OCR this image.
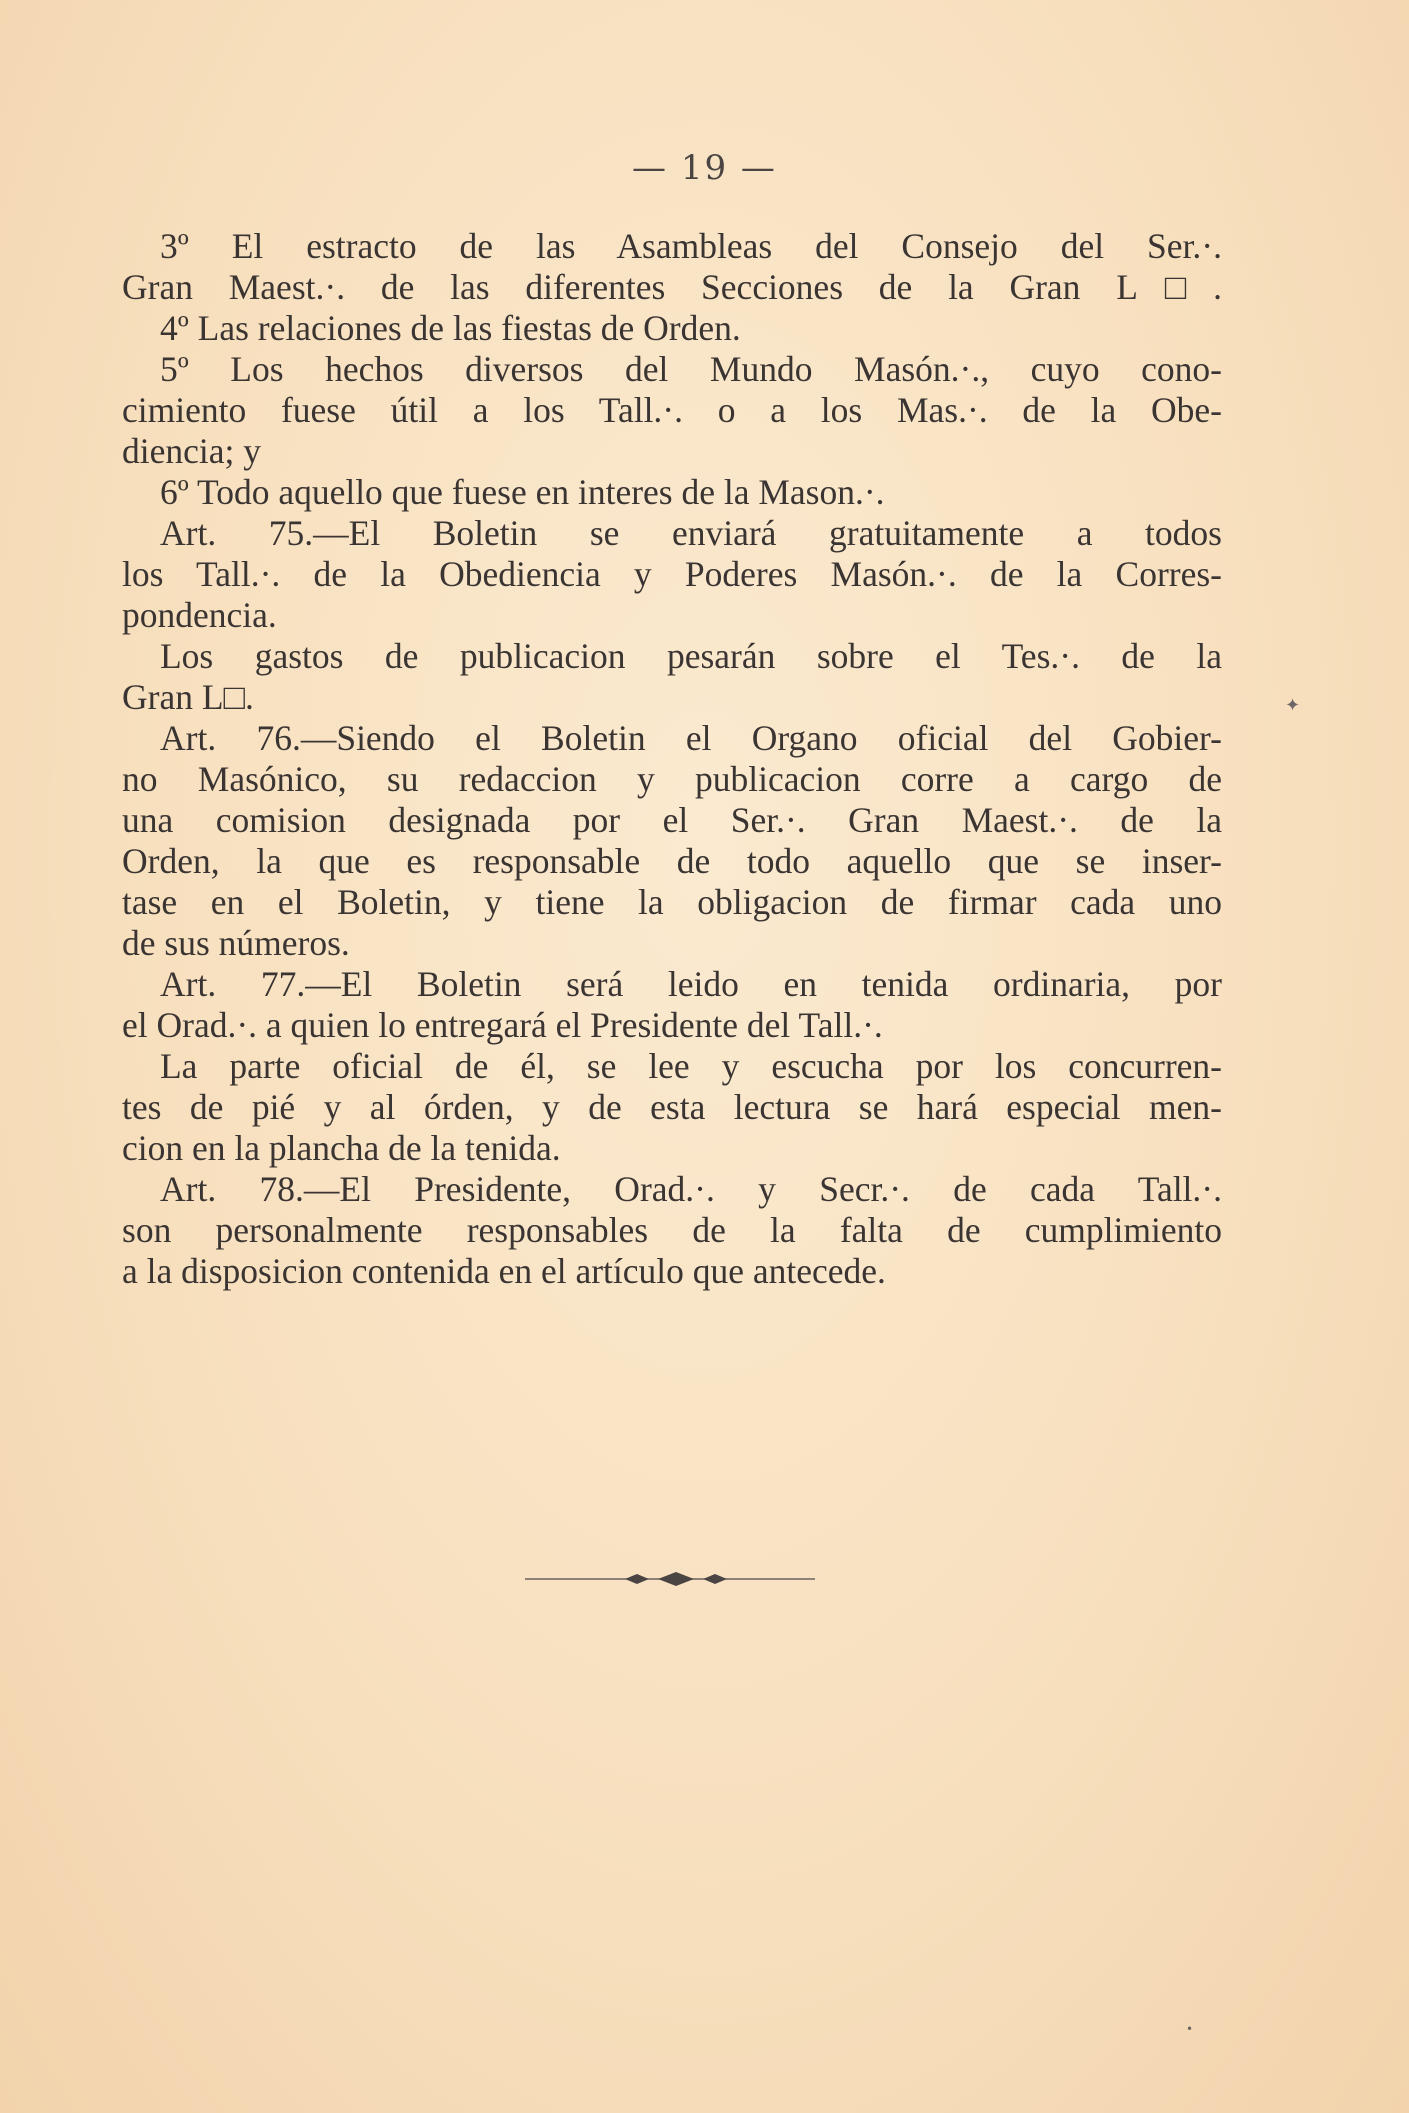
— 19 —
3º El estracto de las Asambleas del Consejo del Ser.·.
Gran Maest.·. de las diferentes Secciones de la Gran L□.
4º Las relaciones de las fiestas de Orden.
5º Los hechos diversos del Mundo Masón.·., cuyo cono-
cimiento fuese útil a los Tall.·. o a los Mas.·. de la Obe-
diencia; y
6º Todo aquello que fuese en interes de la Mason.·.
Art. 75.—El Boletin se enviará gratuitamente a todos
los Tall.·. de la Obediencia y Poderes Masón.·. de la Corres-
pondencia.
Los gastos de publicacion pesarán sobre el Tes.·. de la
Gran L□.
Art. 76.—Siendo el Boletin el Organo oficial del Gobier-
no Masónico, su redaccion y publicacion corre a cargo de
una comision designada por el Ser.·. Gran Maest.·. de la
Orden, la que es responsable de todo aquello que se inser-
tase en el Boletin, y tiene la obligacion de firmar cada uno
de sus números.
Art. 77.—El Boletin será leido en tenida ordinaria, por
el Orad.·. a quien lo entregará el Presidente del Tall.·.
La parte oficial de él, se lee y escucha por los concurren-
tes de pié y al órden, y de esta lectura se hará especial men-
cion en la plancha de la tenida.
Art. 78.—El Presidente, Orad.·. y Secr.·. de cada Tall.·.
son personalmente responsables de la falta de cumplimiento
a la disposicion contenida en el artículo que antecede.
✦
•
